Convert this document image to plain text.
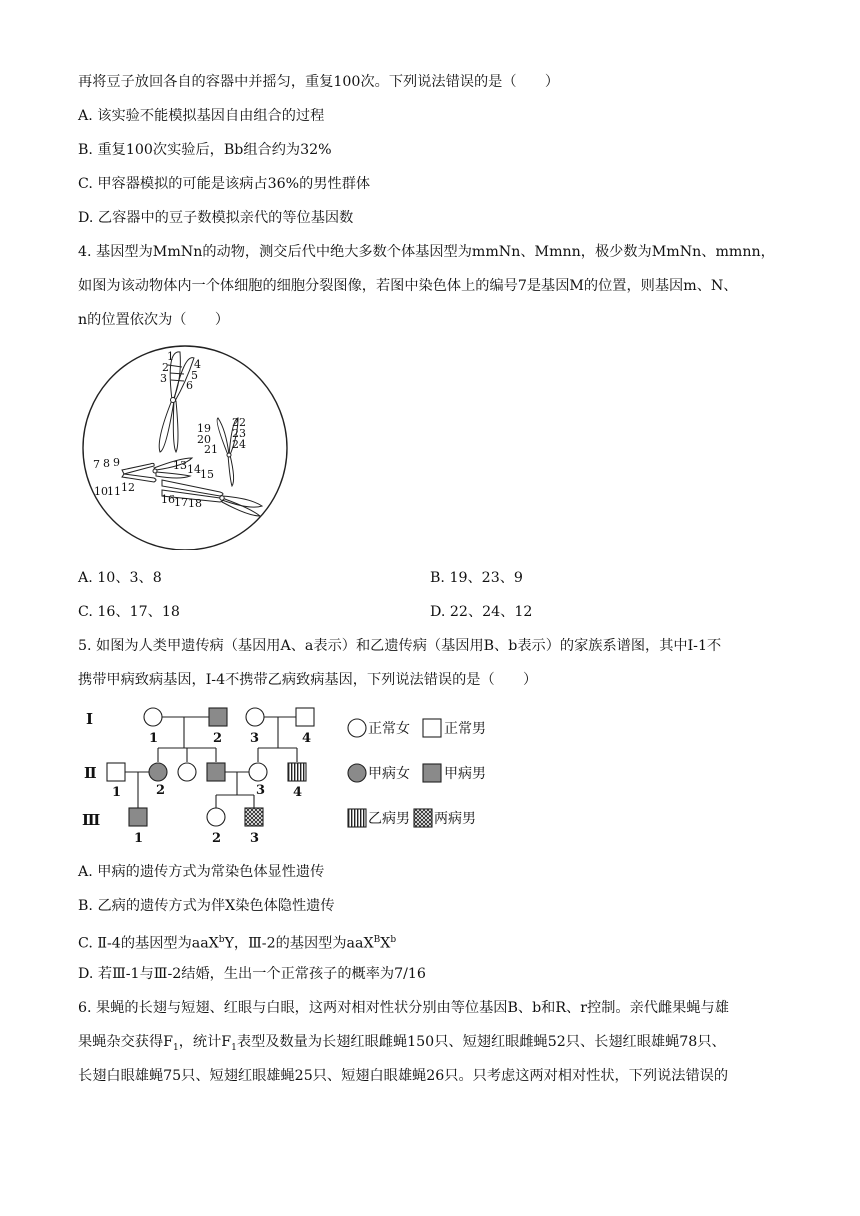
再将豆子放回各自的容器中并摇匀，重复100次。下列说法错误的是（　　）
A. 该实验不能模拟基因自由组合的过程
B. 重复100次实验后，Bb组合约为32%
C. 甲容器模拟的可能是该病占36%的男性群体
D. 乙容器中的豆子数模拟亲代的等位基因数
4. 基因型为MmNn的动物，测交后代中绝大多数个体基因型为mmNn、Mmnn，极少数为MmNn、mmnn，
如图为该动物体内一个体细胞的细胞分裂图像，若图中染色体上的编号7是基因M的位置，则基因m、N、
n的位置依次为（　　）
1
2
3
4
5
6
7 8 9
10 11 12
13 14 15
16 17 18
19
20
21
22
23
24
A. 10、3、8	B. 19、23、9
C. 16、17、18	D. 22、24、12
5. 如图为人类甲遗传病（基因用A、a表示）和乙遗传病（基因用B、b表示）的家族系谱图，其中Ⅰ-1不
携带甲病致病基因，Ⅰ-4不携带乙病致病基因，下列说法错误的是（　　）
Ⅰ
Ⅱ
Ⅲ
1	2 3	4
1	2	3 4
1	2 3
正常女 正常男
甲病女 甲病男
乙病男 两病男
A. 甲病的遗传方式为常染色体显性遗传
B. 乙病的遗传方式为伴X染色体隐性遗传
C. Ⅱ-4的基因型为aaX$^b$Y，Ⅲ-2的基因型为$aaX^BX^b$
D. 若Ⅲ-1与Ⅲ-2结婚，生出一个正常孩子的概率为7/16
6. 果蝇的长翅与短翅、红眼与白眼，这两对相对性状分别由等位基因B、b和R、r控制。亲代雌果蝇与雄
果蝇杂交获得$F_1$，统计$F_1$表型及数量为长翅红眼雌蝇150只、短翅红眼雌蝇52只、长翅红眼雄蝇78只、
长翅白眼雄蝇75只、短翅红眼雄蝇25只、短翅白眼雄蝇26只。只考虑这两对相对性状，下列说法错误的
